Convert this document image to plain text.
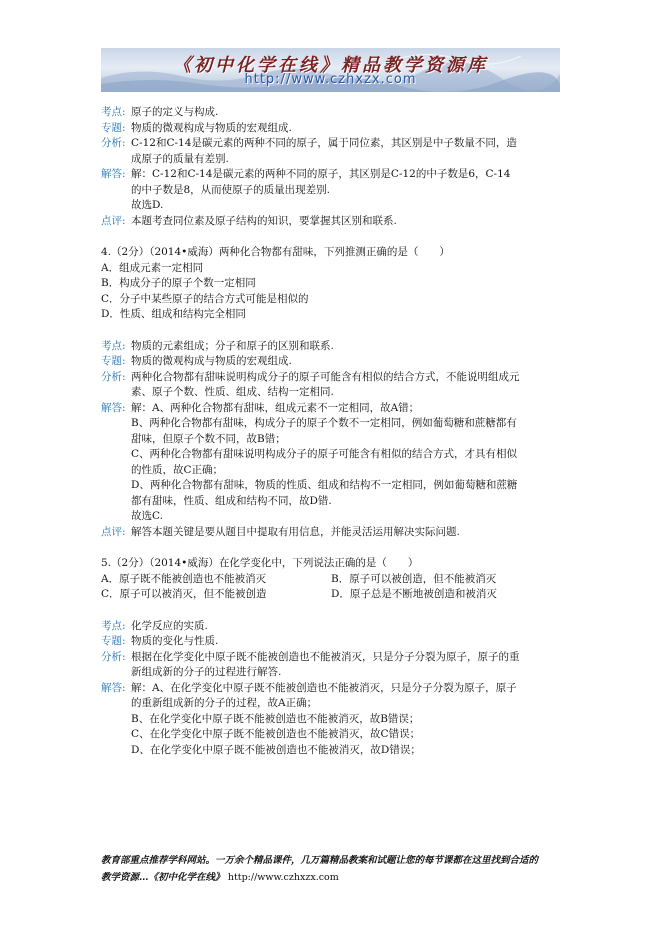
《初中化学在线》精品教学资源库
http://www.czhxzx.com
考点: 原子的定义与构成.
专题: 物质的微观构成与物质的宏观组成.
分析: C-12和C-14是碳元素的两种不同的原子，属于同位素，其区别是中子数量不同，造
成原子的质量有差别.
解答: 解：C-12和C-14是碳元素的两种不同的原子，其区别是C-12的中子数是6，C-14
的中子数是8，从而使原子的质量出现差别.
故选D.
点评: 本题考查同位素及原子结构的知识，要掌握其区别和联系.
4.（2分）（2014•威海）两种化合物都有甜味，下列推测正确的是（　　）
A．组成元素一定相同
B．构成分子的原子个数一定相同
C．分子中某些原子的结合方式可能是相似的
D．性质、组成和结构完全相同
考点: 物质的元素组成；分子和原子的区别和联系.
专题: 物质的微观构成与物质的宏观组成.
分析: 两种化合物都有甜味说明构成分子的原子可能含有相似的结合方式，不能说明组成元
素、原子个数、性质、组成、结构一定相同.
解答: 解：A、两种化合物都有甜味，组成元素不一定相同，故A错；
B、两种化合物都有甜味，构成分子的原子个数不一定相同，例如葡萄糖和蔗糖都有
甜味，但原子个数不同，故B错；
C、两种化合物都有甜味说明构成分子的原子可能含有相似的结合方式，才具有相似
的性质，故C正确；
D、两种化合物都有甜味，物质的性质、组成和结构不一定相同，例如葡萄糖和蔗糖
都有甜味，性质、组成和结构不同，故D错.
故选C.
点评: 解答本题关键是要从题目中提取有用信息，并能灵活运用解决实际问题.
5.（2分）（2014•威海）在化学变化中，下列说法正确的是（　　）
A．原子既不能被创造也不能被消灭	B．原子可以被创造，但不能被消灭
C．原子可以被消灭，但不能被创造	D．原子总是不断地被创造和被消灭
考点: 化学反应的实质.
专题: 物质的变化与性质.
分析: 根据在化学变化中原子既不能被创造也不能被消灭，只是分子分裂为原子，原子的重
新组成新的分子的过程进行解答.
解答: 解：A、在化学变化中原子既不能被创造也不能被消灭，只是分子分裂为原子，原子
的重新组成新的分子的过程，故A正确；
B、在化学变化中原子既不能被创造也不能被消灭，故B错误；
C、在化学变化中原子既不能被创造也不能被消灭，故C错误；
D、在化学变化中原子既不能被创造也不能被消灭，故D错误；
教育部重点推荐学科网站。一万余个精品课件，几万篇精品教案和试题让您的每节课都在这里找到合适的
教学资源…《初中化学在线》 http://www.czhxzx.com
